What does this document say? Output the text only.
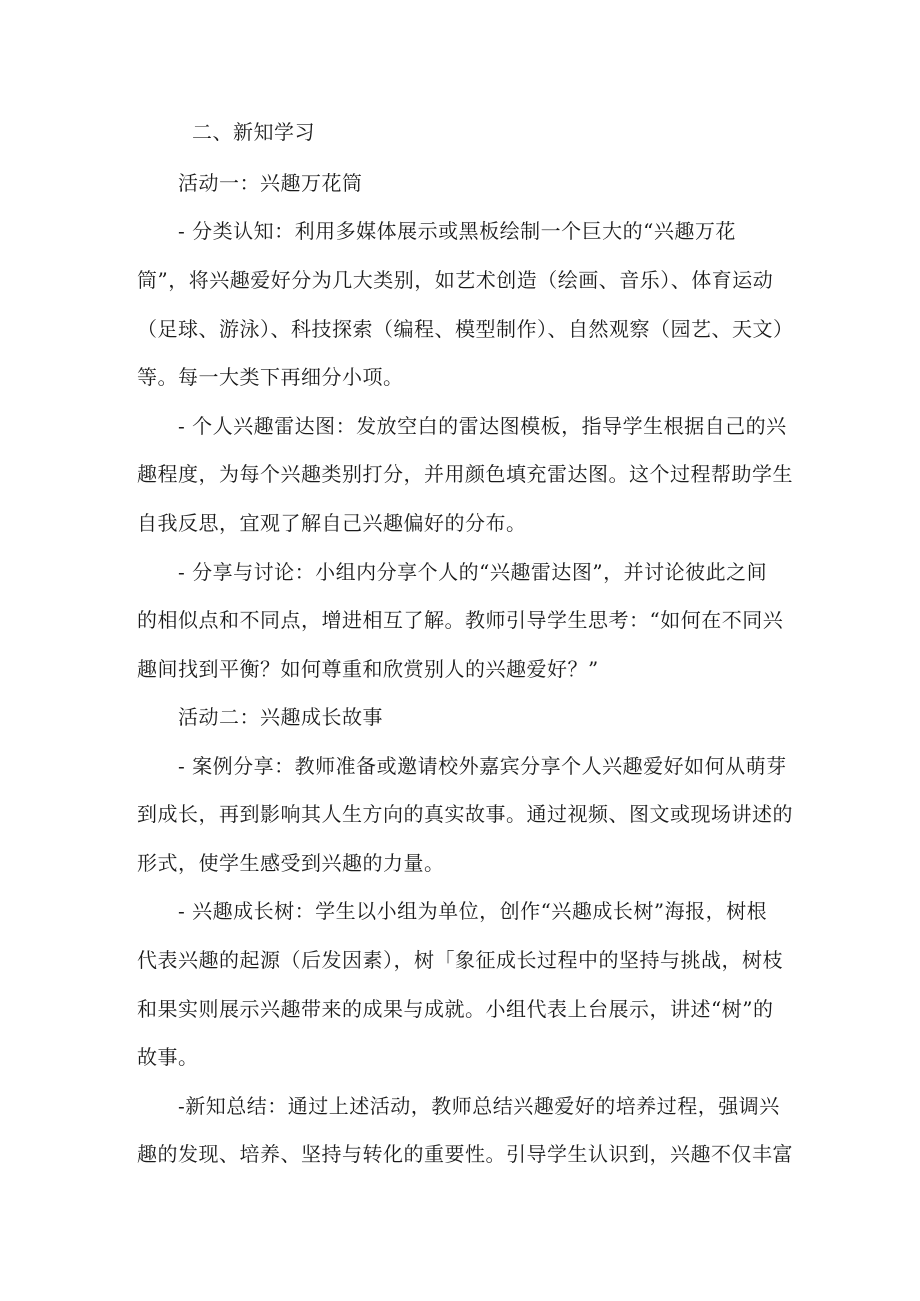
二、新知学习
活动一：兴趣万花筒
- 分类认知：利用多媒体展示或黑板绘制一个巨大的“兴趣万花
筒”，将兴趣爱好分为几大类别，如艺术创造（绘画、音乐）、体育运动
（足球、游泳）、科技探索（编程、模型制作）、自然观察（园艺、天文）
等。每一大类下再细分小项。
- 个人兴趣雷达图：发放空白的雷达图模板，指导学生根据自己的兴
趣程度，为每个兴趣类别打分，并用颜色填充雷达图。这个过程帮助学生
自我反思，宜观了解自己兴趣偏好的分布。
- 分享与讨论：小组内分享个人的“兴趣雷达图”，并讨论彼此之间
的相似点和不同点，增进相互了解。教师引导学生思考：“如何在不同兴
趣间找到平衡？如何尊重和欣赏别人的兴趣爱好？”
活动二：兴趣成长故事
- 案例分享：教师准备或邀请校外嘉宾分享个人兴趣爱好如何从萌芽
到成长，再到影响其人生方向的真实故事。通过视频、图文或现场讲述的
形式，使学生感受到兴趣的力量。
- 兴趣成长树：学生以小组为单位，创作“兴趣成长树”海报，树根
代表兴趣的起源（后发因素），树「象征成长过程中的坚持与挑战，树枝
和果实则展示兴趣带来的成果与成就。小组代表上台展示，讲述“树”的
故事。
-新知总结：通过上述活动，教师总结兴趣爱好的培养过程，强调兴
趣的发现、培养、坚持与转化的重要性。引导学生认识到，兴趣不仅丰富
